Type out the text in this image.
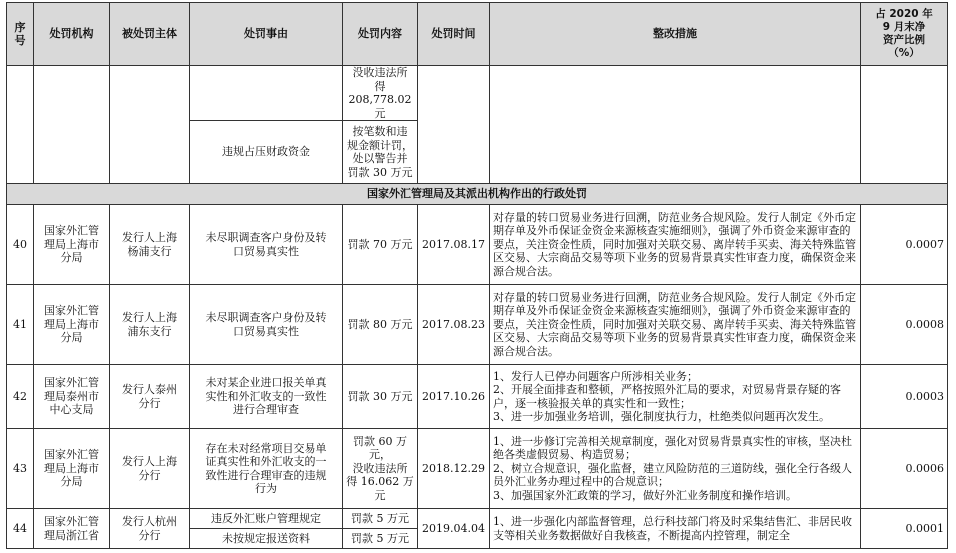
序
号	处罚机构	被处罚主体	处罚事由	处罚内容	处罚时间	整改措施	占 2020 年
9 月末净
资产比例
（%）
				没收违法所
得 208,778.02
元			
			违规占压财政资金	按笔数和违
规金额计罚，
处以警告并
罚款 30 万元			
国家外汇管理局及其派出机构作出的行政处罚							
40	国家外汇管
理局上海市
分局	发行人上海
杨浦支行	未尽职调查客户身份及转
口贸易真实性	罚款 70 万元	2017.08.17	对存量的转口贸易业务进行回溯，防范业务合规风险。发行人制定《外币定期存单及外币保证金资金来源核查实施细则》，强调了外币资金来源审查的要点，关注资金性质，同时加强对关联交易、离岸转手买卖、海关特殊监管区交易、大宗商品交易等项下业务的贸易背景真实性审查力度，确保资金来源合规合法。	0.0007
41	国家外汇管
理局上海市
分局	发行人上海
浦东支行	未尽职调查客户身份及转
口贸易真实性	罚款 80 万元	2017.08.23	对存量的转口贸易业务进行回溯，防范业务合规风险。发行人制定《外币定期存单及外币保证金资金来源核查实施细则》，强调了外币资金来源审查的要点，关注资金性质，同时加强对关联交易、离岸转手买卖、海关特殊监管区交易、大宗商品交易等项下业务的贸易背景真实性审查力度，确保资金来源合规合法。	0.0008
42	国家外汇管
理局泰州市
中心支局	发行人泰州
分行	未对某企业进口报关单真
实性和外汇收支的一致性
进行合理审查	罚款 30 万元	2017.10.26	1、发行人已停办问题客户所涉相关业务；
2、开展全面排查和整顿，严格按照外汇局的要求，对贸易背景存疑的客户，逐一核验报关单的真实性和一致性；
3、进一步加强业务培训，强化制度执行力，杜绝类似问题再次发生。	0.0003
43	国家外汇管
理局上海市
分局	发行人上海
分行	存在未对经常项目交易单
证真实性和外汇收支的一
致性进行合理审查的违规
行为	罚款 60 万元，
没收违法所
得 16.062 万
元	2018.12.29	1、进一步修订完善相关规章制度，强化对贸易背景真实性的审核，坚决杜绝各类虚假贸易、构造贸易；
2、树立合规意识，强化监督，建立风险防范的三道防线，强化全行各级人员外汇业务办理过程中的合规意识；
3、加强国家外汇政策的学习，做好外汇业务制度和操作培训。	0.0006
44	国家外汇管
理局浙江省	发行人杭州
分行	违反外汇账户管理规定	罚款 5 万元	2019.04.04	1、进一步强化内部监督管理，总行科技部门将及时采集结售汇、非居民收支等相关业务数据做好自我核查，不断提高内控管理，制定全	0.0001
			未按规定报送资料	罚款 5 万元			
